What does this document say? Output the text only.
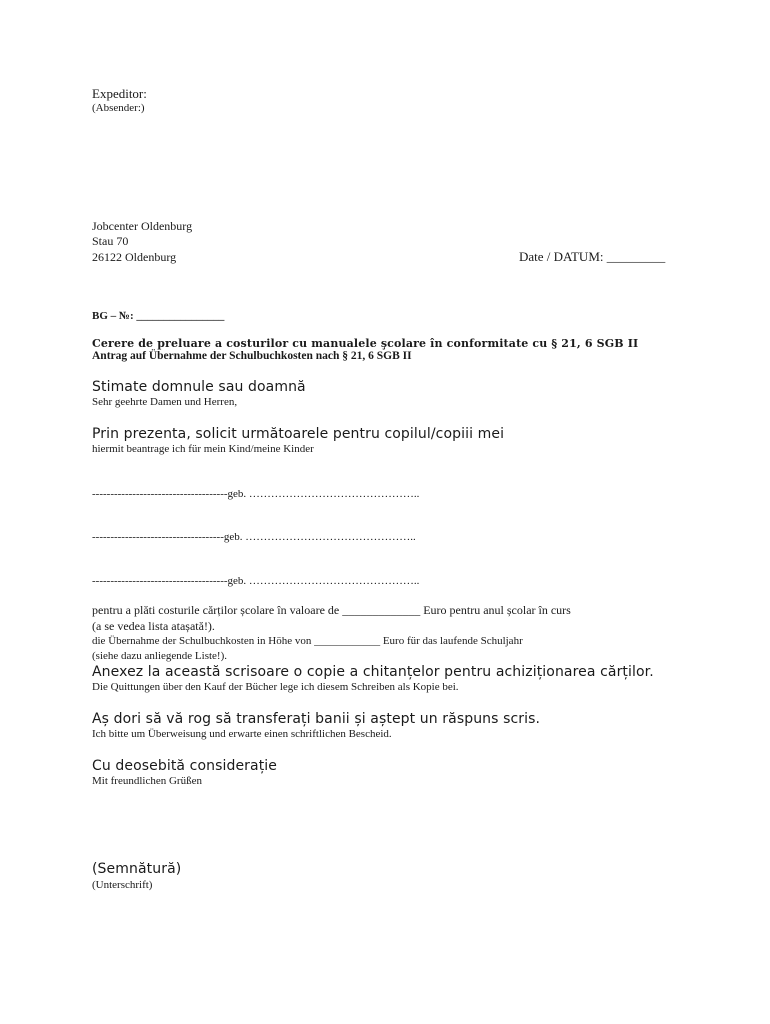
Expeditor:
(Absender:)
Jobcenter Oldenburg
Stau 70
26122 Oldenburg	Date / DATUM: _________
BG – №: ________________
Cerere de preluare a costurilor cu manualele şcolare în conformitate cu § 21, 6 SGB II
Antrag auf Übernahme der Schulbuchkosten nach § 21, 6 SGB II
Stimate domnule sau doamnă
Sehr geehrte Damen und Herren,
Prin prezenta, solicit următoarele pentru copilul/copiii mei
hiermit beantrage ich für mein Kind/meine Kinder
-------------------------------------geb. ………………………………………..
------------------------------------geb. ………………………………………..
-------------------------------------geb. ………………………………………..
pentru a plăti costurile cărților școlare în valoare de _____________ Euro pentru anul școlar în curs
(a se vedea lista atașată!).
die Übernahme der Schulbuchkosten in Höhe von ____________ Euro für das laufende Schuljahr
(siehe dazu anliegende Liste!).
Anexez la această scrisoare o copie a chitanțelor pentru achiziționarea cărților.
Die Quittungen über den Kauf der Bücher lege ich diesem Schreiben als Kopie bei.
Aș dori să vă rog să transferați banii și aștept un răspuns scris.
Ich bitte um Überweisung und erwarte einen schriftlichen Bescheid.
Cu deosebită considerație
Mit freundlichen Grüßen
(Semnătură)
(Unterschrift)
